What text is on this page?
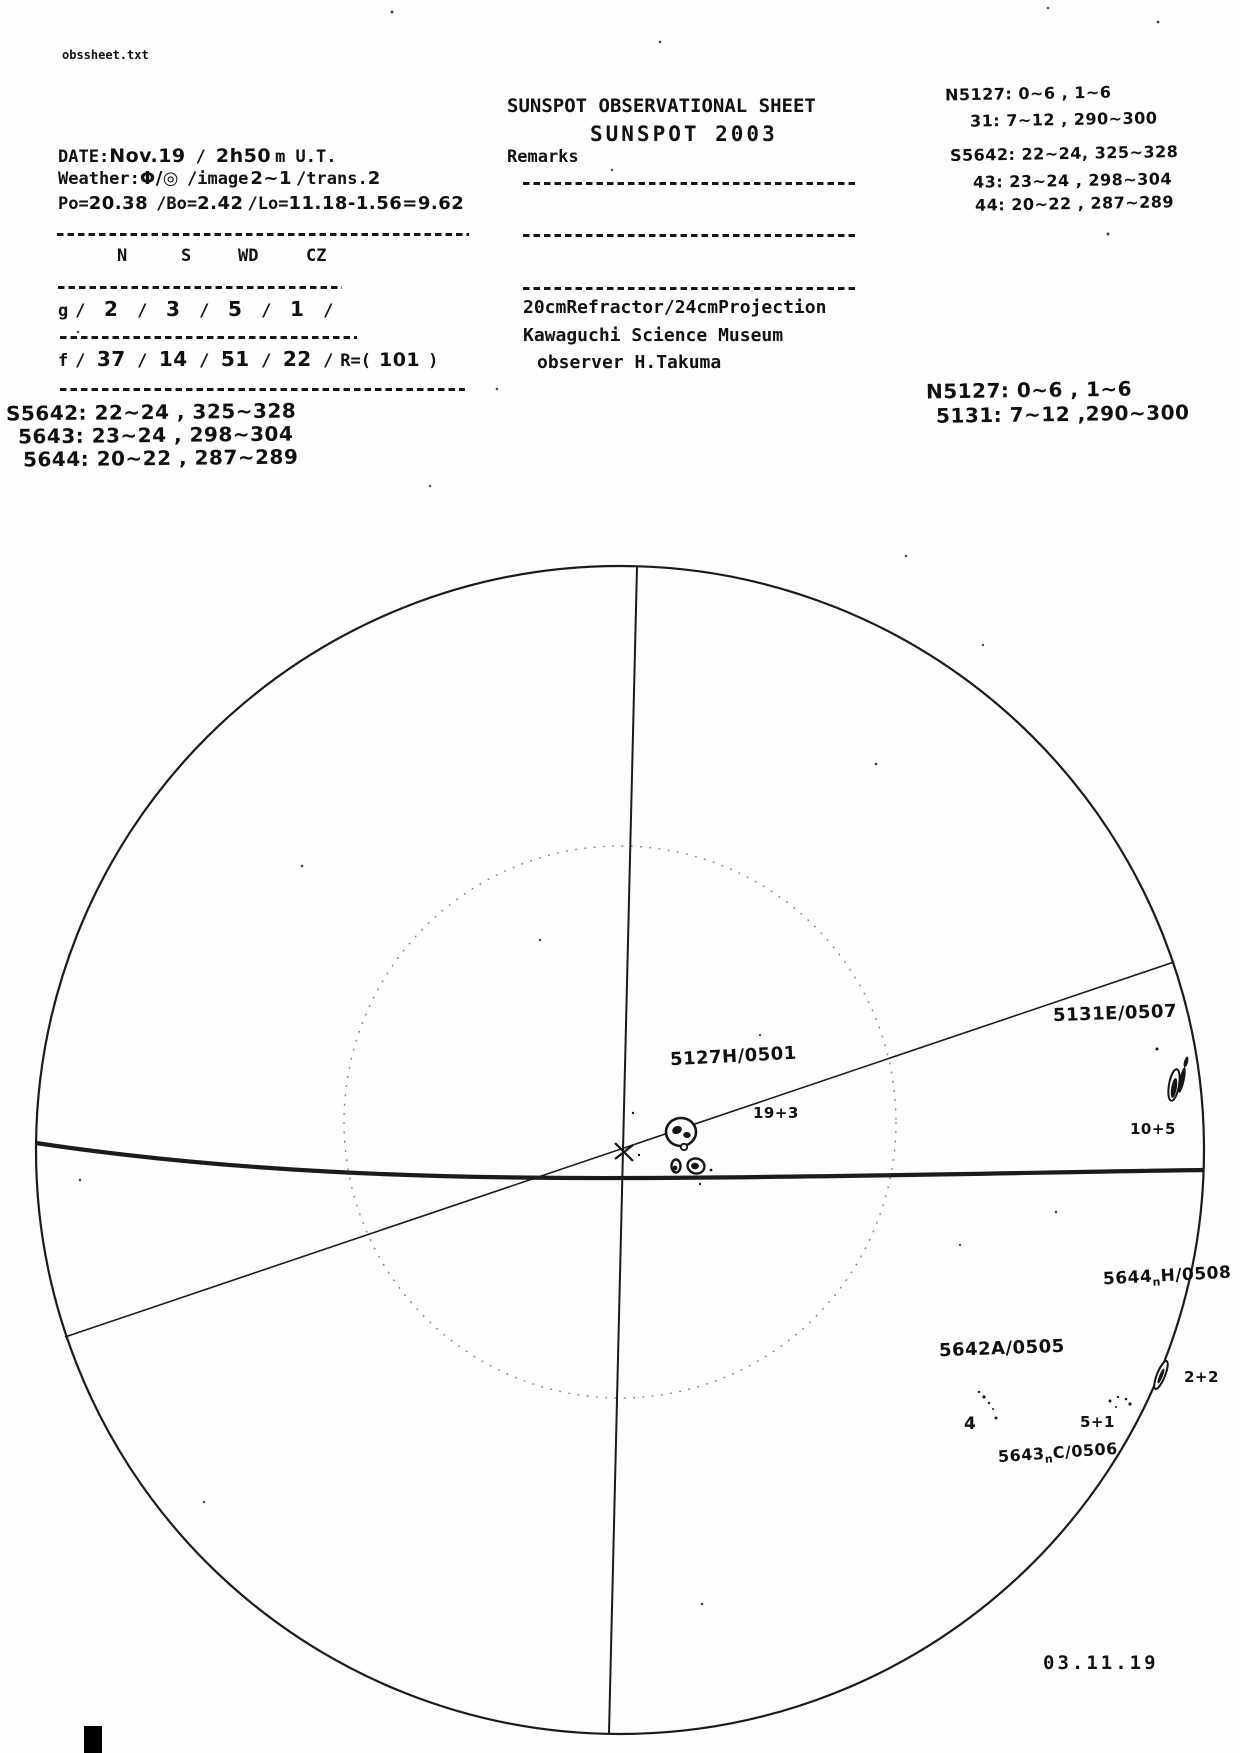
obssheet.txt
SUNSPOT OBSERVATIONAL SHEET
SUNSPOT 2003
Remarks
20cmRefractor/24cmProjection
Kawaguchi Science Museum
observer H.Takuma
DATE:Nov.19 / 2h50 m U.T.
Weather:Φ/◎ /image 2~1 /trans.2
Po=20.38 /Bo=2.42 /Lo=11.18-1.56=9.62
N	S	WD	CZ
g / 2 / 3 / 5 / 1 /
f / 37 / 14 / 51 / 22 / R=( 101 )
S5642: 22~24 , 325~328
5643: 23~24 , 298~304
5644: 20~22 , 287~289
N5127: 0~6 , 1~6
31: 7~12 , 290~300
S5642: 22~24, 325~328
43: 23~24 , 298~304
44: 20~22 , 287~289
N5127: 0~6 , 1~6
5131: 7~12 ,290~300
5127H/0501
19+3
5131E/0507
10+5
$5644_nH/0508$
2+2
5642A/0505
4	5+1
$5643_nC/0506$
03.11.19
